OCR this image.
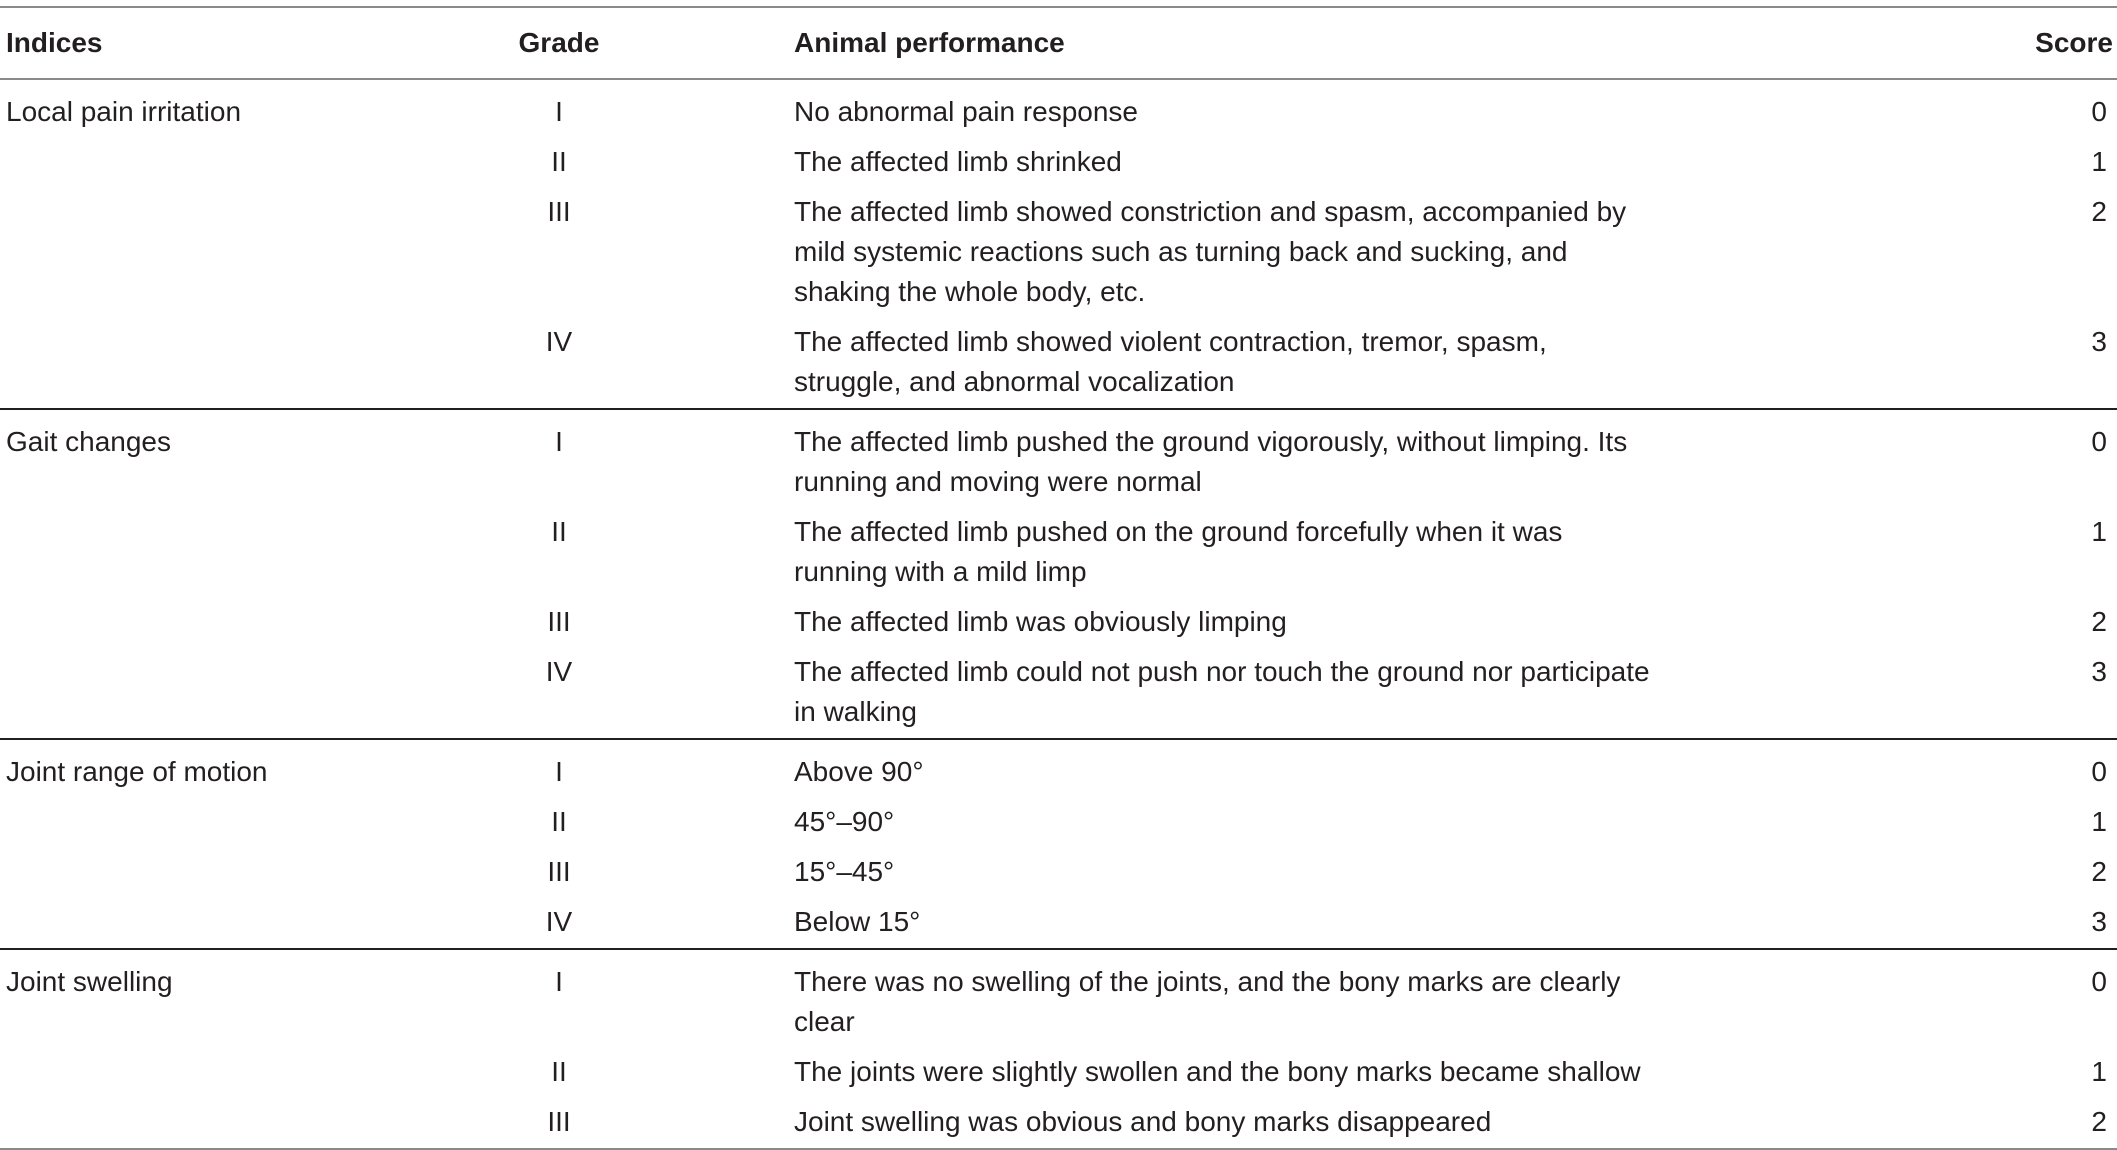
Indices	Grade	Animal performance	Score
Local pain irritation	I	No abnormal pain response	0
	II	The affected limb shrinked	1
	III	The affected limb showed constriction and spasm, accompanied by mild systemic reactions such as turning back and sucking, and shaking the whole body, etc.	2
	IV	The affected limb showed violent contraction, tremor, spasm, struggle, and abnormal vocalization	3
Gait changes	I	The affected limb pushed the ground vigorously, without limping. Its running and moving were normal	0
	II	The affected limb pushed on the ground forcefully when it was running with a mild limp	1
	III	The affected limb was obviously limping	2
	IV	The affected limb could not push nor touch the ground nor participate in walking	3
Joint range of motion	I	Above 90°	0
	II	45°–90°	1
	III	15°–45°	2
	IV	Below 15°	3
Joint swelling	I	There was no swelling of the joints, and the bony marks are clearly clear	0
	II	The joints were slightly swollen and the bony marks became shallow	1
	III	Joint swelling was obvious and bony marks disappeared	2
